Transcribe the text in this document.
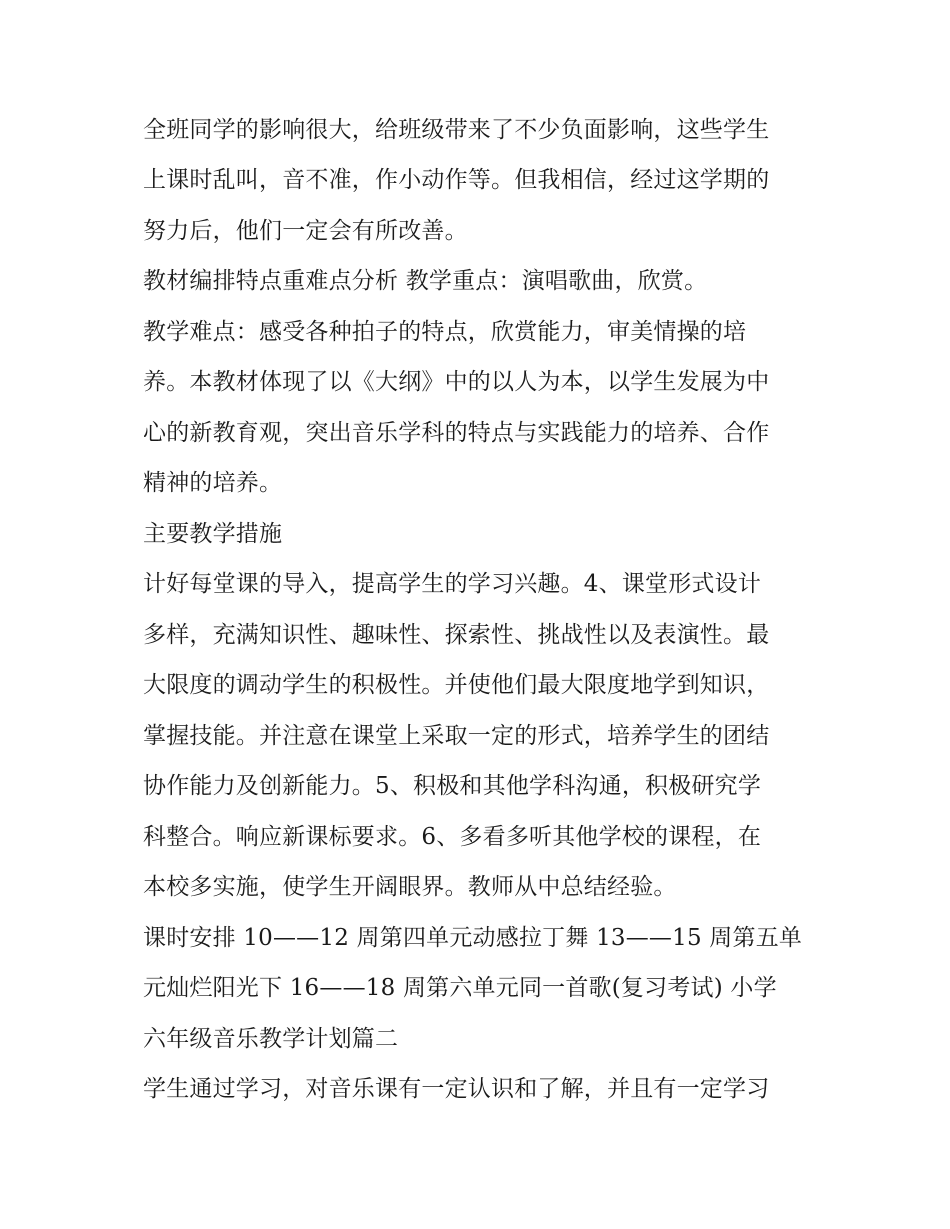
全班同学的影响很大，给班级带来了不少负面影响，这些学生
上课时乱叫，音不准，作小动作等。但我相信，经过这学期的
努力后，他们一定会有所改善。
教材编排特点重难点分析 教学重点：演唱歌曲，欣赏。
教学难点：感受各种拍子的特点，欣赏能力，审美情操的培
养。本教材体现了以《大纲》中的以人为本，以学生发展为中
心的新教育观，突出音乐学科的特点与实践能力的培养、合作
精神的培养。
主要教学措施
计好每堂课的导入，提高学生的学习兴趣。4、课堂形式设计
多样，充满知识性、趣味性、探索性、挑战性以及表演性。最
大限度的调动学生的积极性。并使他们最大限度地学到知识，
掌握技能。并注意在课堂上采取一定的形式，培养学生的团结
协作能力及创新能力。5、积极和其他学科沟通，积极研究学
科整合。响应新课标要求。6、多看多听其他学校的课程，在
本校多实施，使学生开阔眼界。教师从中总结经验。
课时安排 10——12 周第四单元动感拉丁舞 13——15 周第五单
元灿烂阳光下 16——18 周第六单元同一首歌(复习考试) 小学
六年级音乐教学计划篇二
学生通过学习，对音乐课有一定认识和了解，并且有一定学习
